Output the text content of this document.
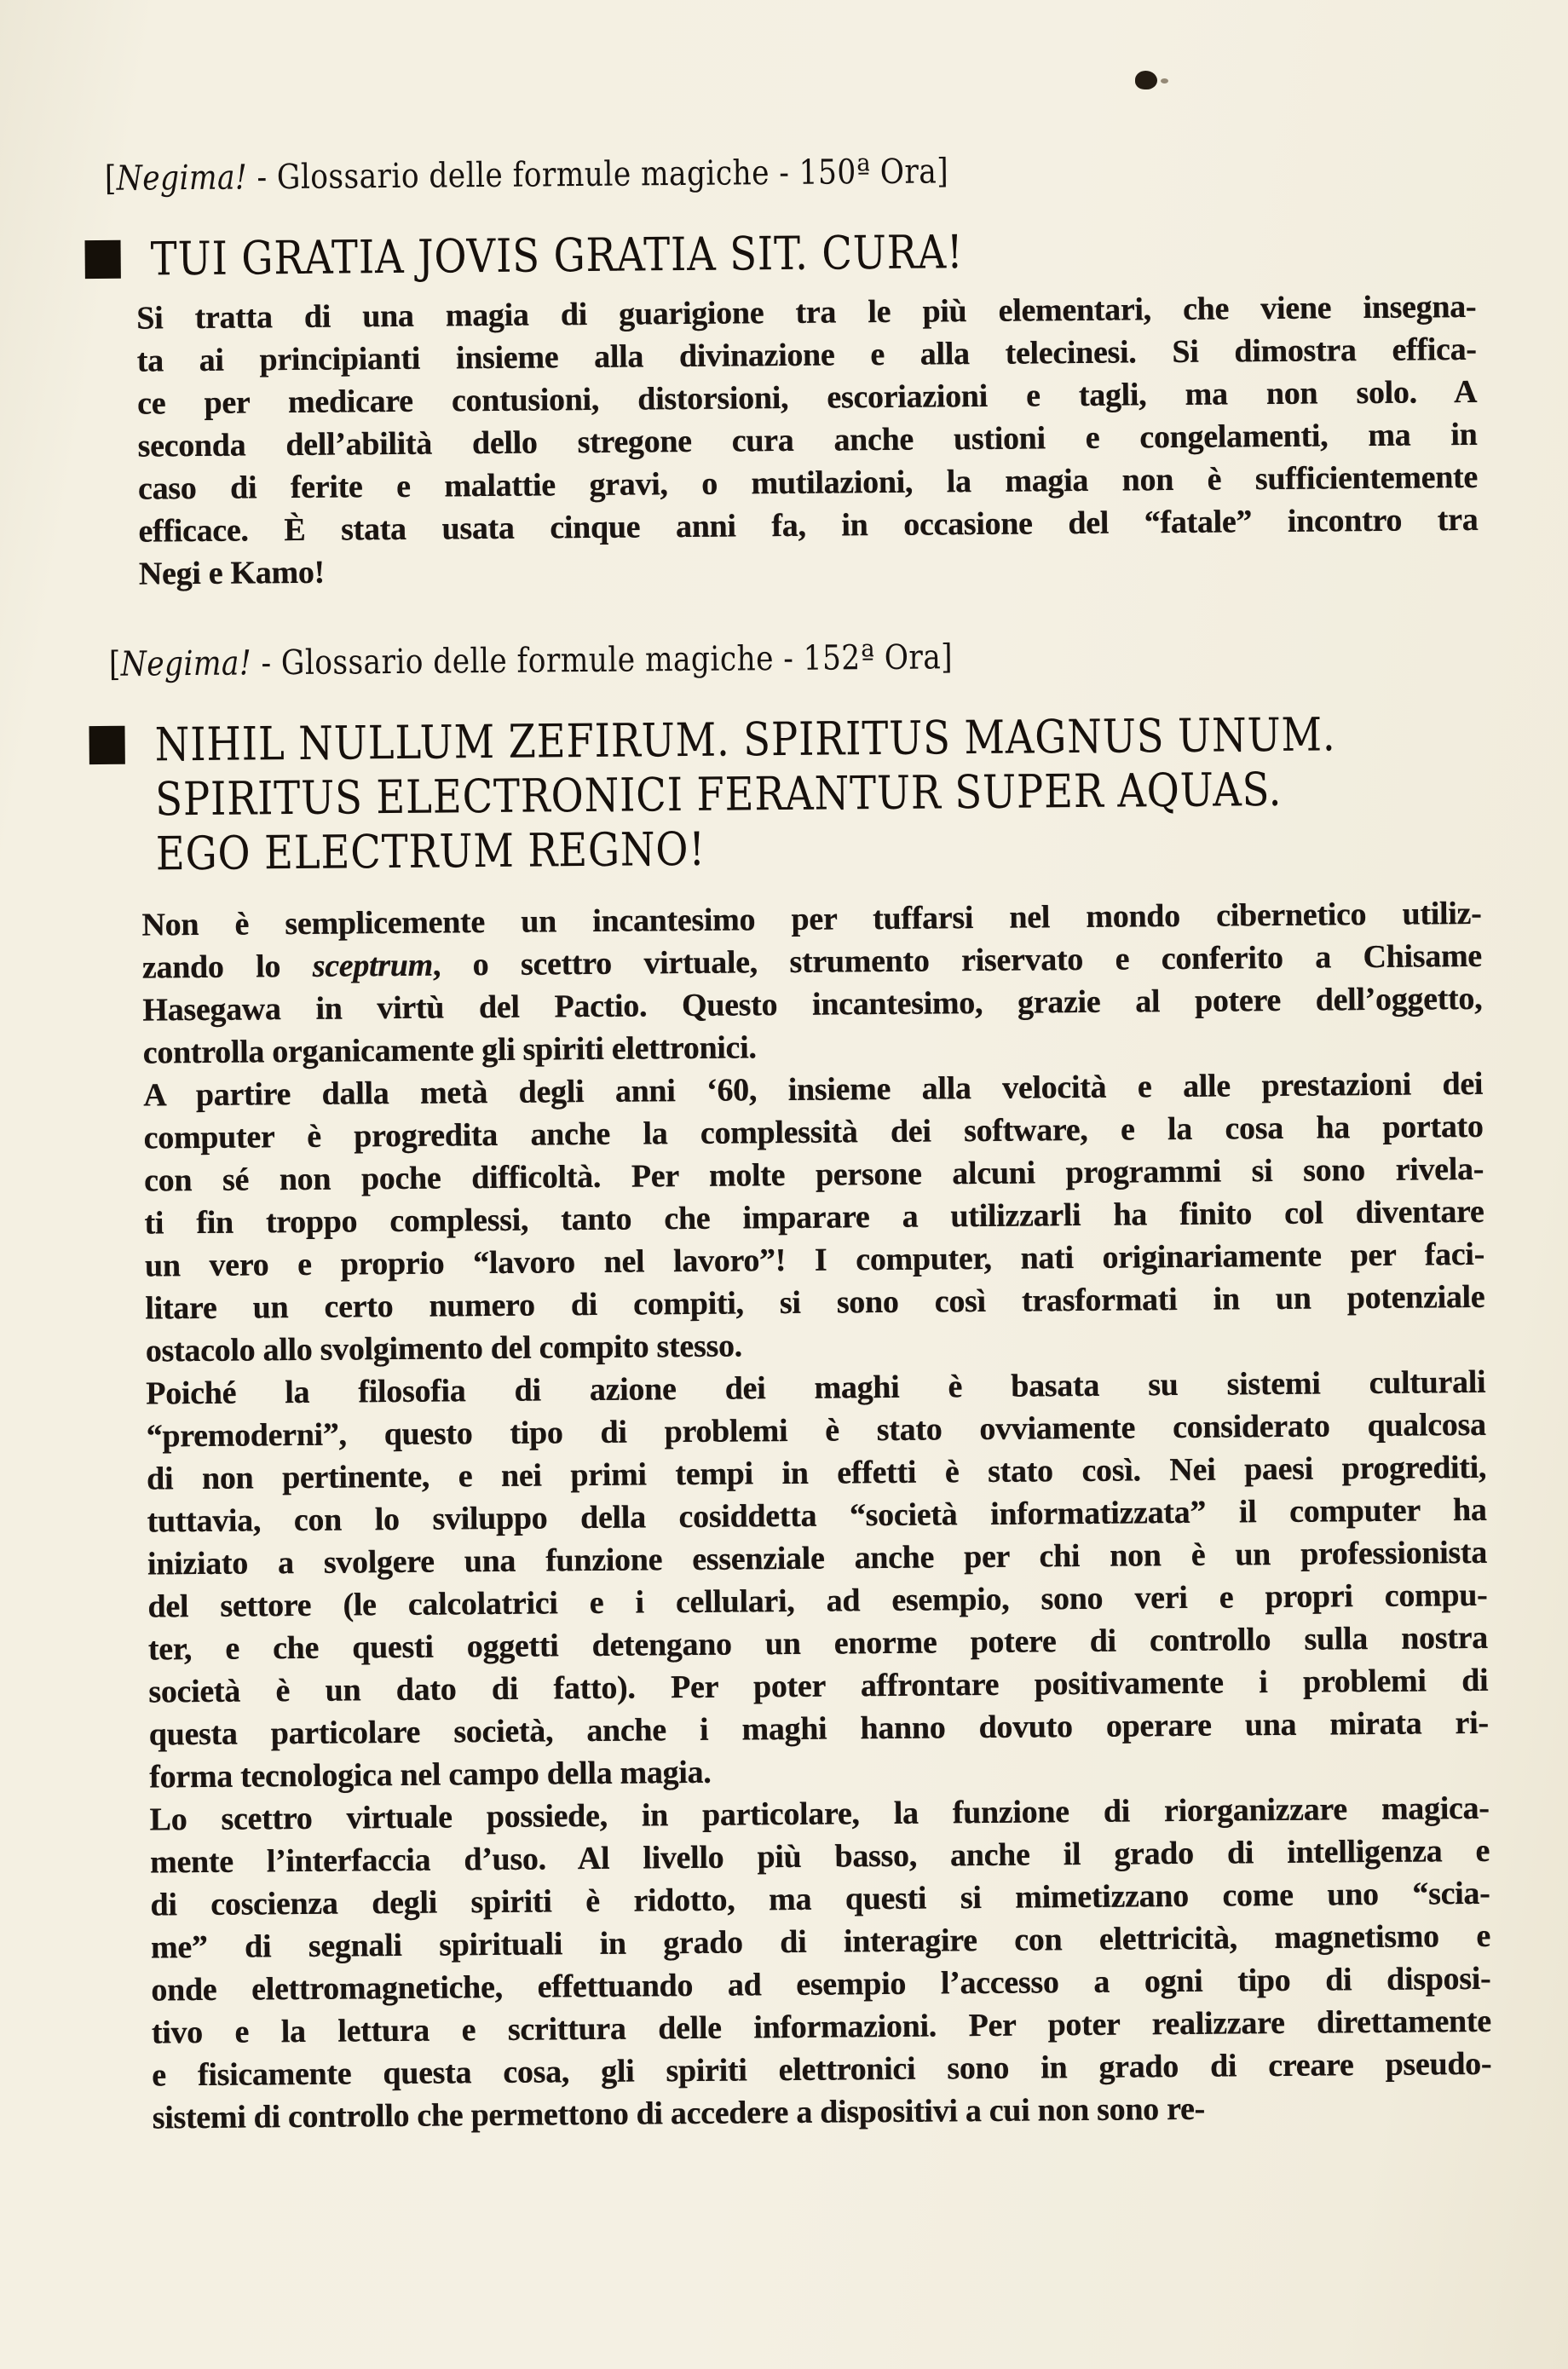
[Negima! - Glossario delle formule magiche - 150ª Ora]
TUI GRATIA JOVIS GRATIA SIT. CURA!
Si tratta di una magia di guarigione tra le più elementari, che viene insegna-
ta ai principianti insieme alla divinazione e alla telecinesi. Si dimostra effica-
ce per medicare contusioni, distorsioni, escoriazioni e tagli, ma non solo. A
seconda dell’abilità dello stregone cura anche ustioni e congelamenti, ma in
caso di ferite e malattie gravi, o mutilazioni, la magia non è sufficientemente
efficace. È stata usata cinque anni fa, in occasione del “fatale” incontro tra
Negi e Kamo!
[Negima! - Glossario delle formule magiche - 152ª Ora]
NIHIL NULLUM ZEFIRUM. SPIRITUS MAGNUS UNUM.
SPIRITUS ELECTRONICI FERANTUR SUPER AQUAS.
EGO ELECTRUM REGNO!
Non è semplicemente un incantesimo per tuffarsi nel mondo cibernetico utiliz-
zando lo sceptrum, o scettro virtuale, strumento riservato e conferito a Chisame
Hasegawa in virtù del Pactio. Questo incantesimo, grazie al potere dell’oggetto,
controlla organicamente gli spiriti elettronici.
A partire dalla metà degli anni ‘60, insieme alla velocità e alle prestazioni dei
computer è progredita anche la complessità dei software, e la cosa ha portato
con sé non poche difficoltà. Per molte persone alcuni programmi si sono rivela-
ti fin troppo complessi, tanto che imparare a utilizzarli ha finito col diventare
un vero e proprio “lavoro nel lavoro”! I computer, nati originariamente per faci-
litare un certo numero di compiti, si sono così trasformati in un potenziale
ostacolo allo svolgimento del compito stesso.
Poiché la filosofia di azione dei maghi è basata su sistemi culturali
“premoderni”, questo tipo di problemi è stato ovviamente considerato qualcosa
di non pertinente, e nei primi tempi in effetti è stato così. Nei paesi progrediti,
tuttavia, con lo sviluppo della cosiddetta “società informatizzata” il computer ha
iniziato a svolgere una funzione essenziale anche per chi non è un professionista
del settore (le calcolatrici e i cellulari, ad esempio, sono veri e propri compu-
ter, e che questi oggetti detengano un enorme potere di controllo sulla nostra
società è un dato di fatto). Per poter affrontare positivamente i problemi di
questa particolare società, anche i maghi hanno dovuto operare una mirata ri-
forma tecnologica nel campo della magia.
Lo scettro virtuale possiede, in particolare, la funzione di riorganizzare magica-
mente l’interfaccia d’uso. Al livello più basso, anche il grado di intelligenza e
di coscienza degli spiriti è ridotto, ma questi si mimetizzano come uno “scia-
me” di segnali spirituali in grado di interagire con elettricità, magnetismo e
onde elettromagnetiche, effettuando ad esempio l’accesso a ogni tipo di disposi-
tivo e la lettura e scrittura delle informazioni. Per poter realizzare direttamente
e fisicamente questa cosa, gli spiriti elettronici sono in grado di creare pseudo-
sistemi di controllo che permettono di accedere a dispositivi a cui non sono re-
